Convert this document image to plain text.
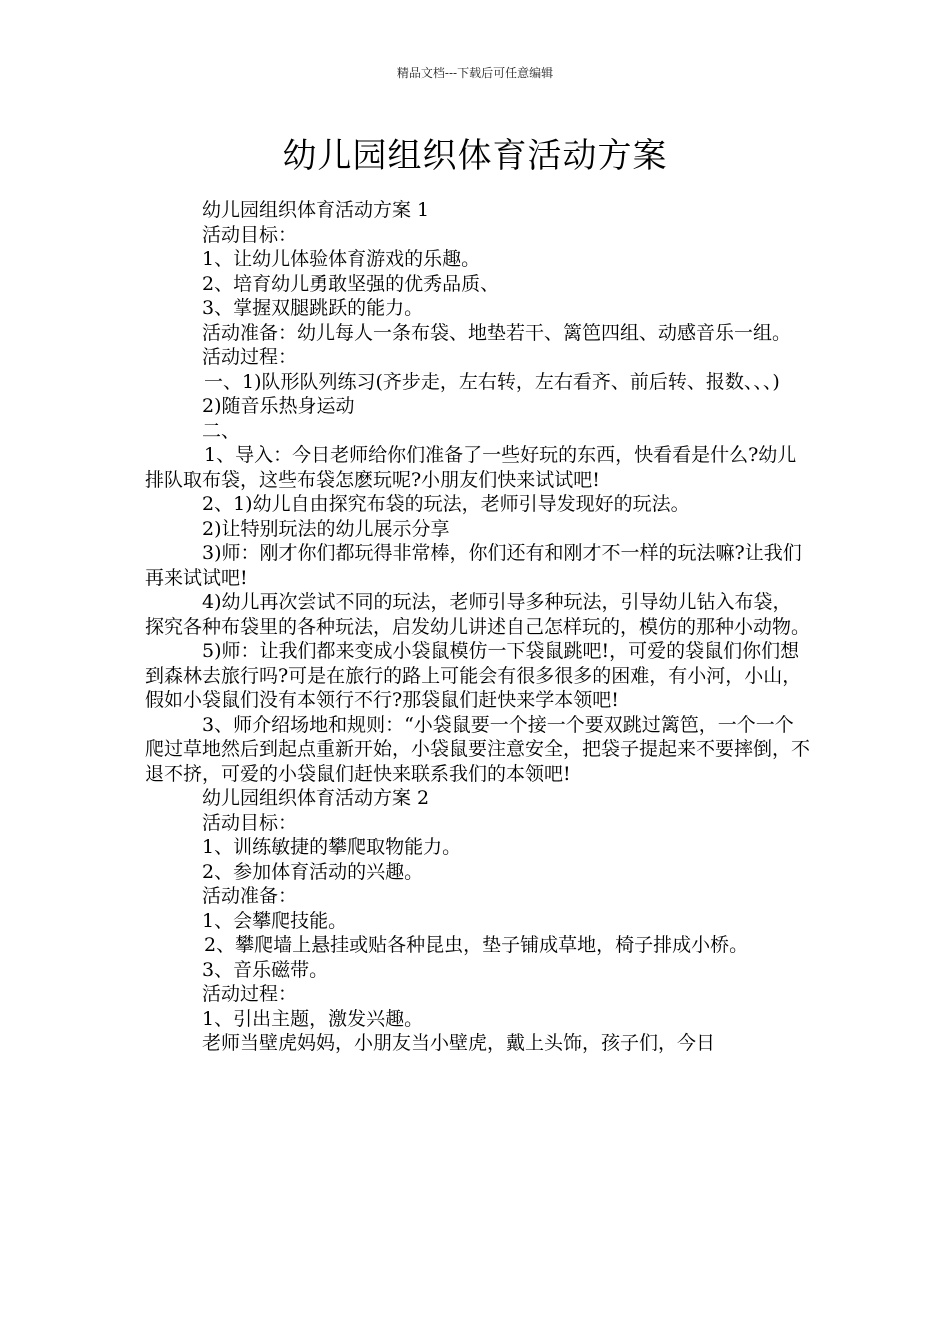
精品文档---下载后可任意编辑
幼儿园组织体育活动方案

幼儿园组织体育活动方案 1

活动目标：

1、让幼儿体验体育游戏的乐趣。

2、培育幼儿勇敢坚强的优秀品质、

3、掌握双腿跳跃的能力。

活动准备：幼儿每人一条布袋、地垫若干、篱笆四组、动感音乐一组。

活动过程：

一、1)队形队列练习(齐步走，左右转，左右看齐、前后转、报数、、、)

2)随音乐热身运动

二、

1、导入：今日老师给你们准备了一些好玩的东西，快看看是什么?幼儿排队取布袋，这些布袋怎麽玩呢?小朋友们快来试试吧!

2、1)幼儿自由探究布袋的玩法，老师引导发现好的玩法。

2)让特别玩法的幼儿展示分享

3)师：刚才你们都玩得非常棒，你们还有和刚才不一样的玩法嘛?让我们再来试试吧!

4)幼儿再次尝试不同的玩法，老师引导多种玩法，引导幼儿钻入布袋，探究各种布袋里的各种玩法，启发幼儿讲述自己怎样玩的，模仿的那种小动物。

5)师：让我们都来变成小袋鼠模仿一下袋鼠跳吧!，可爱的袋鼠们你们想到森林去旅行吗?可是在旅行的路上可能会有很多很多的困难，有小河，小山，假如小袋鼠们没有本领行不行?那袋鼠们赶快来学本领吧!

3、师介绍场地和规则：“小袋鼠要一个接一个要双跳过篱笆，一个一个爬过草地然后到起点重新开始，小袋鼠要注意安全，把袋子提起来不要摔倒，不退不挤，可爱的小袋鼠们赶快来联系我们的本领吧!

幼儿园组织体育活动方案 2

活动目标：

1、训练敏捷的攀爬取物能力。

2、参加体育活动的兴趣。

活动准备：

1、会攀爬技能。

2、攀爬墙上悬挂或贴各种昆虫，垫子铺成草地，椅子排成小桥。

3、音乐磁带。

活动过程：

1、引出主题，激发兴趣。

老师当壁虎妈妈，小朋友当小壁虎，戴上头饰，孩子们，今日
